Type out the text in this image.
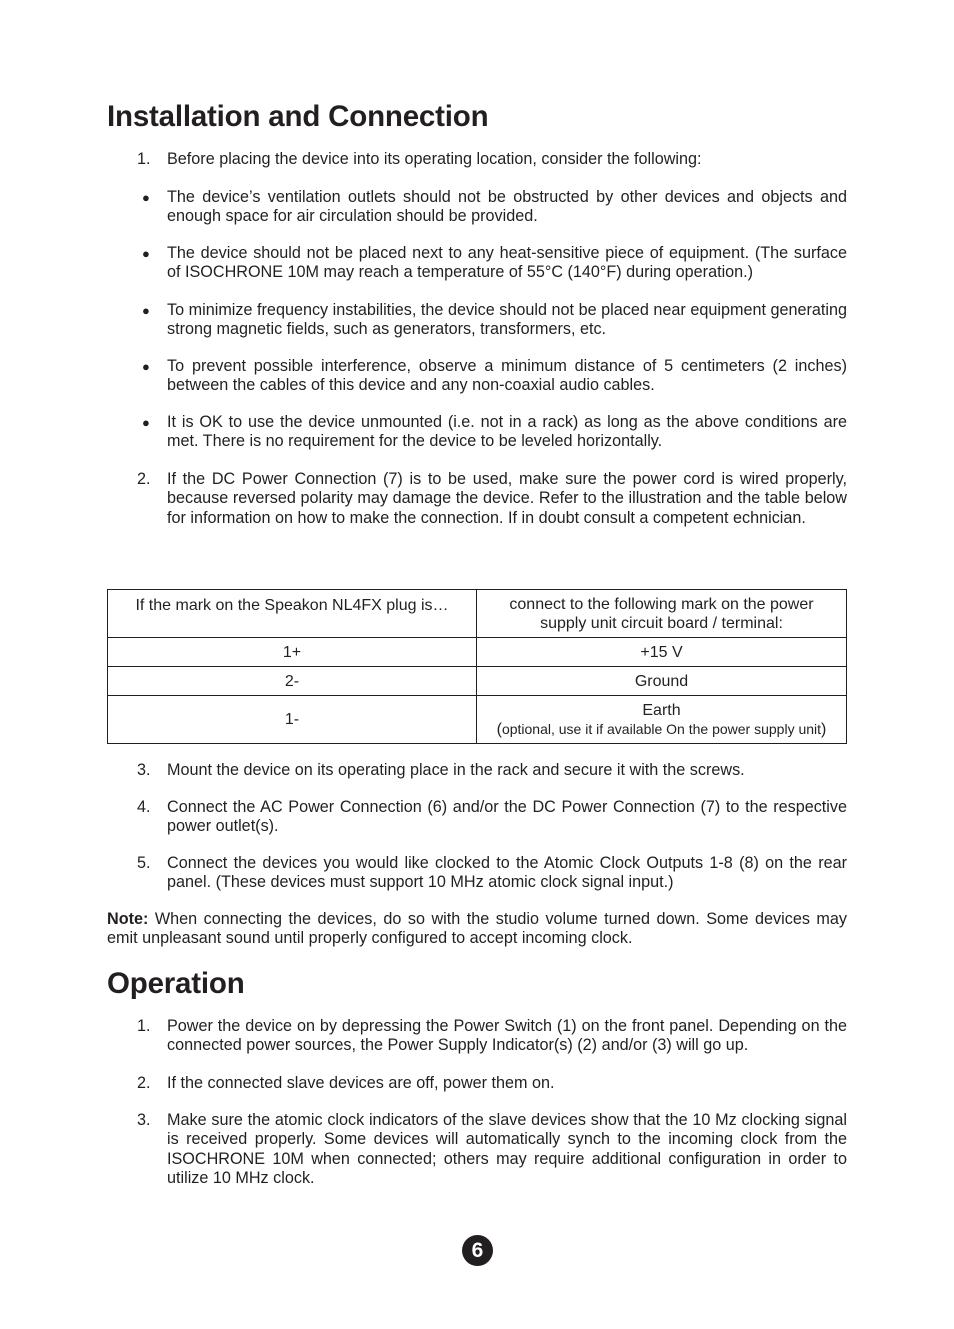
Installation and Connection
1.	Before placing the device into its operating location, consider the following:
●	The device’s ventilation outlets should not be obstructed by other devices and objects and enough space for air circulation should be provided.
●	The device should not be placed next to any heat-sensitive piece of equipment. (The surface of ISOCHRONE 10M may reach a temperature of 55°C (140°F) during operation.)
●	To minimize frequency instabilities, the device should not be placed near equipment generating strong magnetic fields, such as generators, transformers, etc.
●	To prevent possible interference, observe a minimum distance of 5 centimeters (2 inches) between the cables of this device and any non-coaxial audio cables.
●	It is OK to use the device unmounted (i.e. not in a rack) as long as the above conditions are met. There is no requirement for the device to be leveled horizontally.
2.	If the DC Power Connection (7) is to be used, make sure the power cord is wired properly, because reversed polarity may damage the device. Refer to the illustration and the table below for information on how to make the connection. If in doubt consult a competent echnician.
If the mark on the Speakon NL4FX plug is…	connect to the following mark on the power supply unit circuit board / terminal:
1+	+15 V
2-	Ground
1-	Earth
(optional, use it if available On the power supply unit)
3.	Mount the device on its operating place in the rack and secure it with the screws.
4.	Connect the AC Power Connection (6) and/or the DC Power Connection (7) to the respective power outlet(s).
5.	Connect the devices you would like clocked to the Atomic Clock Outputs 1-8 (8) on the rear panel. (These devices must support 10 MHz atomic clock signal input.)
Note: When connecting the devices, do so with the studio volume turned down. Some devices may emit unpleasant sound until properly configured to accept incoming clock.
Operation
1.	Power the device on by depressing the Power Switch (1) on the front panel. Depending on the connected power sources, the Power Supply Indicator(s) (2) and/or (3) will go up.
2.	If the connected slave devices are off, power them on.
3.	Make sure the atomic clock indicators of the slave devices show that the 10 Mz clocking signal is received properly. Some devices will automatically synch to the incoming clock from the ISOCHRONE 10M when connected; others may require additional configuration in order to utilize 10 MHz clock.
6
